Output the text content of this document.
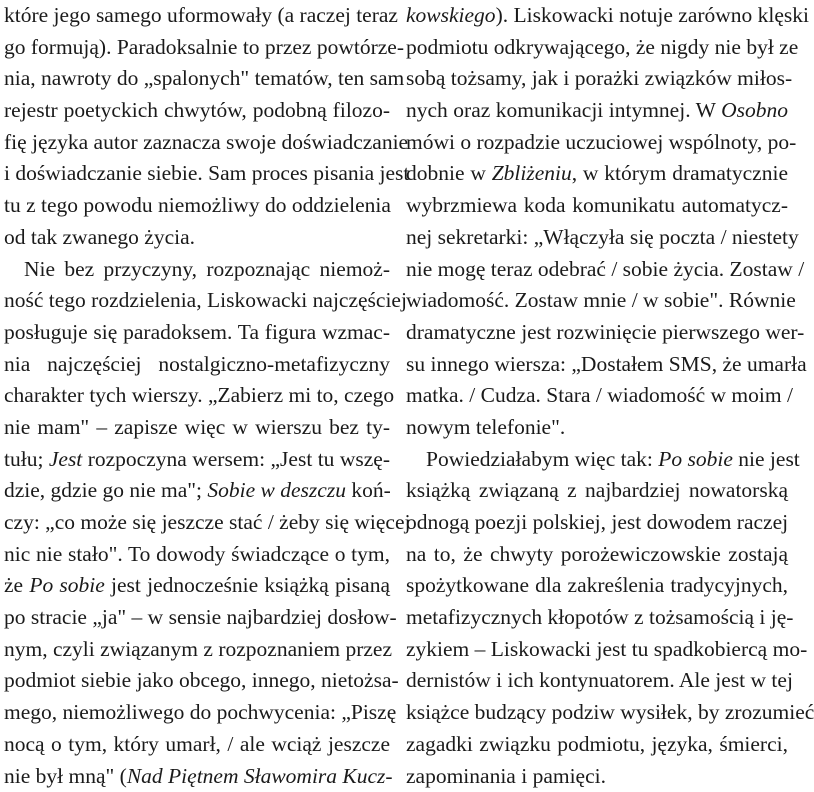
które jego samego uformowały (a raczej teraz
go formują). Paradoksalnie to przez powtórze-
nia, nawroty do „spalonych" tematów, ten sam
rejestr poetyckich chwytów, podobną filozo-
fię języka autor zaznacza swoje doświadczanie
i doświadczanie siebie. Sam proces pisania jest
tu z tego powodu niemożliwy do oddzielenia
od tak zwanego życia.
Nie bez przyczyny, rozpoznając niemoż-
ność tego rozdzielenia, Liskowacki najczęściej
posługuje się paradoksem. Ta figura wzmac-
nia najczęściej nostalgiczno-metafizyczny
charakter tych wierszy. „Zabierz mi to, czego
nie mam" – zapisze więc w wierszu bez ty-
tułu; Jest rozpoczyna wersem: „Jest tu wszę-
dzie, gdzie go nie ma"; Sobie w deszczu koń-
czy: „co może się jeszcze stać / żeby się więcej
nic nie stało". To dowody świadczące o tym,
że Po sobie jest jednocześnie książką pisaną
po stracie „ja" – w sensie najbardziej dosłow-
nym, czyli związanym z rozpoznaniem przez
podmiot siebie jako obcego, innego, nietożsa-
mego, niemożliwego do pochwycenia: „Piszę
nocą o tym, który umarł, / ale wciąż jeszcze
nie był mną" (Nad Piętnem Sławomira Kucz-
kowskiego). Liskowacki notuje zarówno klęski
podmiotu odkrywającego, że nigdy nie był ze
sobą tożsamy, jak i porażki związków miłos-
nych oraz komunikacji intymnej. W Osobno
mówi o rozpadzie uczuciowej wspólnoty, po-
dobnie w Zbliżeniu, w którym dramatycznie
wybrzmiewa koda komunikatu automatycz-
nej sekretarki: „Włączyła się poczta / niestety
nie mogę teraz odebrać / sobie życia. Zostaw /
wiadomość. Zostaw mnie / w sobie". Równie
dramatyczne jest rozwinięcie pierwszego wer-
su innego wiersza: „Dostałem SMS, że umarła
matka. / Cudza. Stara / wiadomość w moim /
nowym telefonie".
Powiedziałabym więc tak: Po sobie nie jest
książką związaną z najbardziej nowatorską
odnogą poezji polskiej, jest dowodem raczej
na to, że chwyty porożewiczowskie zostają
spożytkowane dla zakreślenia tradycyjnych,
metafizycznych kłopotów z tożsamością i ję-
zykiem – Liskowacki jest tu spadkobiercą mo-
dernistów i ich kontynuatorem. Ale jest w tej
książce budzący podziw wysiłek, by zrozumieć
zagadki związku podmiotu, języka, śmierci,
zapominania i pamięci.
